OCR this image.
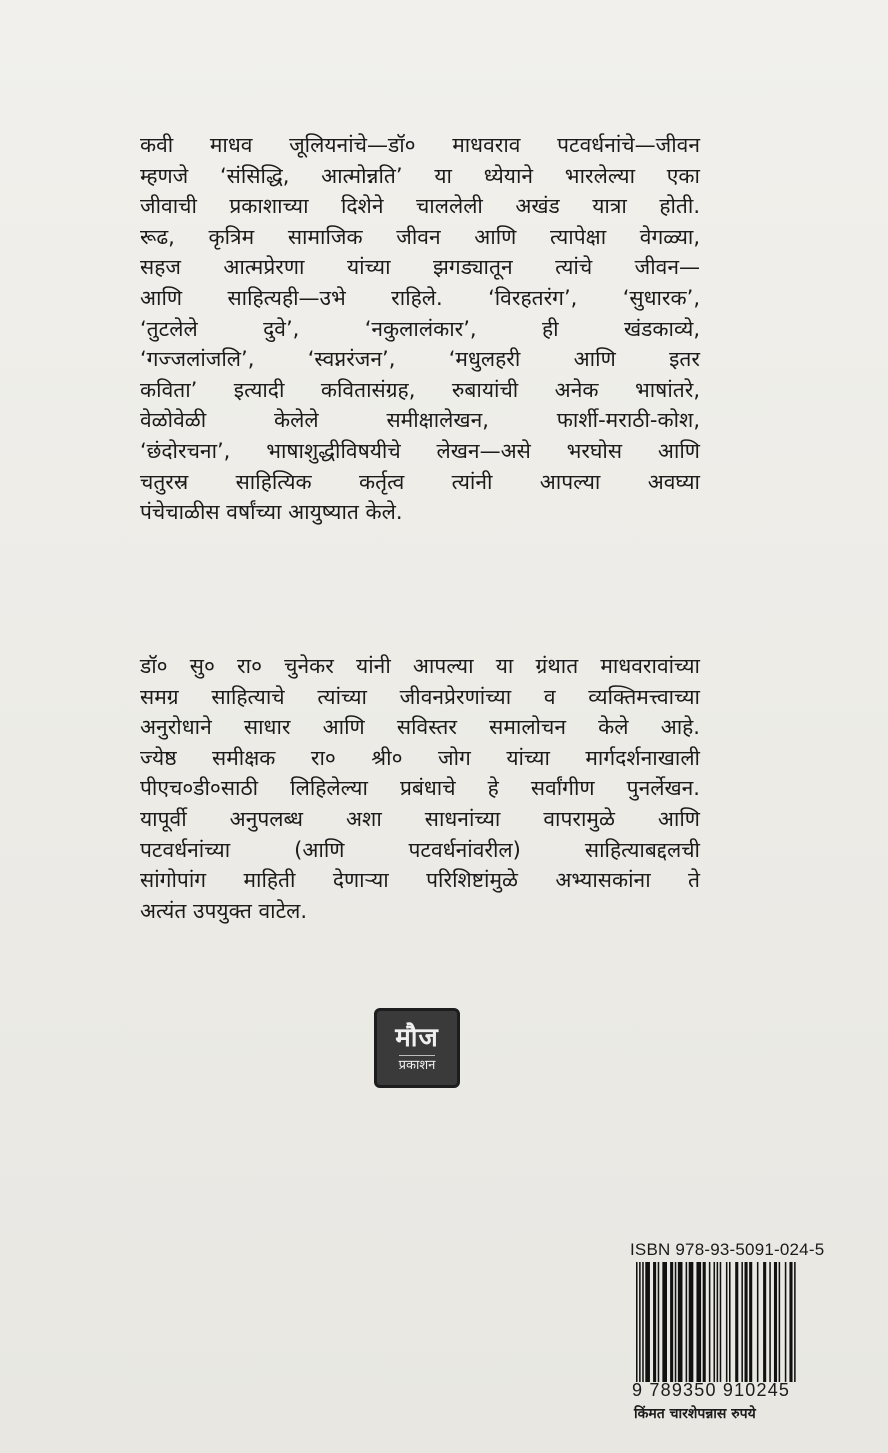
कवी माधव जूलियनांचे—डॉ० माधवराव पटवर्धनांचे—जीवन
म्हणजे ‘संसिद्धि, आत्मोन्नति’ या ध्येयाने भारलेल्या एका
जीवाची प्रकाशाच्या दिशेने चाललेली अखंड यात्रा होती.
रूढ, कृत्रिम सामाजिक जीवन आणि त्यापेक्षा वेगळ्या,
सहज आत्मप्रेरणा यांच्या झगड्यातून त्यांचे जीवन—
आणि साहित्यही—उभे राहिले. ‘विरहतरंग’, ‘सुधारक’,
‘तुटलेले दुवे’, ‘नकुलालंकार’, ही खंडकाव्ये,
‘गज्जलांजलि’, ‘स्वप्नरंजन’, ‘मधुलहरी आणि इतर
कविता’ इत्यादी कवितासंग्रह, रुबायांची अनेक भाषांतरे,
वेळोवेळी केलेले समीक्षालेखन, फार्शी-मराठी-कोश,
‘छंदोरचना’, भाषाशुद्धीविषयीचे लेखन—असे भरघोस आणि
चतुरस्र साहित्यिक कर्तृत्व त्यांनी आपल्या अवघ्या
पंचेचाळीस वर्षांच्या आयुष्यात केले.
डॉ० सु० रा० चुनेकर यांनी आपल्या या ग्रंथात माधवरावांच्या
समग्र साहित्याचे त्यांच्या जीवनप्रेरणांच्या व व्यक्तिमत्त्वाच्या
अनुरोधाने साधार आणि सविस्तर समालोचन केले आहे.
ज्येष्ठ समीक्षक रा० श्री० जोग यांच्या मार्गदर्शनाखाली
पीएच०डी०साठी लिहिलेल्या प्रबंधाचे हे सर्वांगीण पुनर्लेखन.
यापूर्वी अनुपलब्ध अशा साधनांच्या वापरामुळे आणि
पटवर्धनांच्या (आणि पटवर्धनांवरील) साहित्याबद्दलची
सांगोपांग माहिती देणाऱ्या परिशिष्टांमुळे अभ्यासकांना ते
अत्यंत उपयुक्त वाटेल.
मौज
प्रकाशन
ISBN 978-93-5091-024-5
9 789350 910245
किंमत चारशेपन्नास रुपये
